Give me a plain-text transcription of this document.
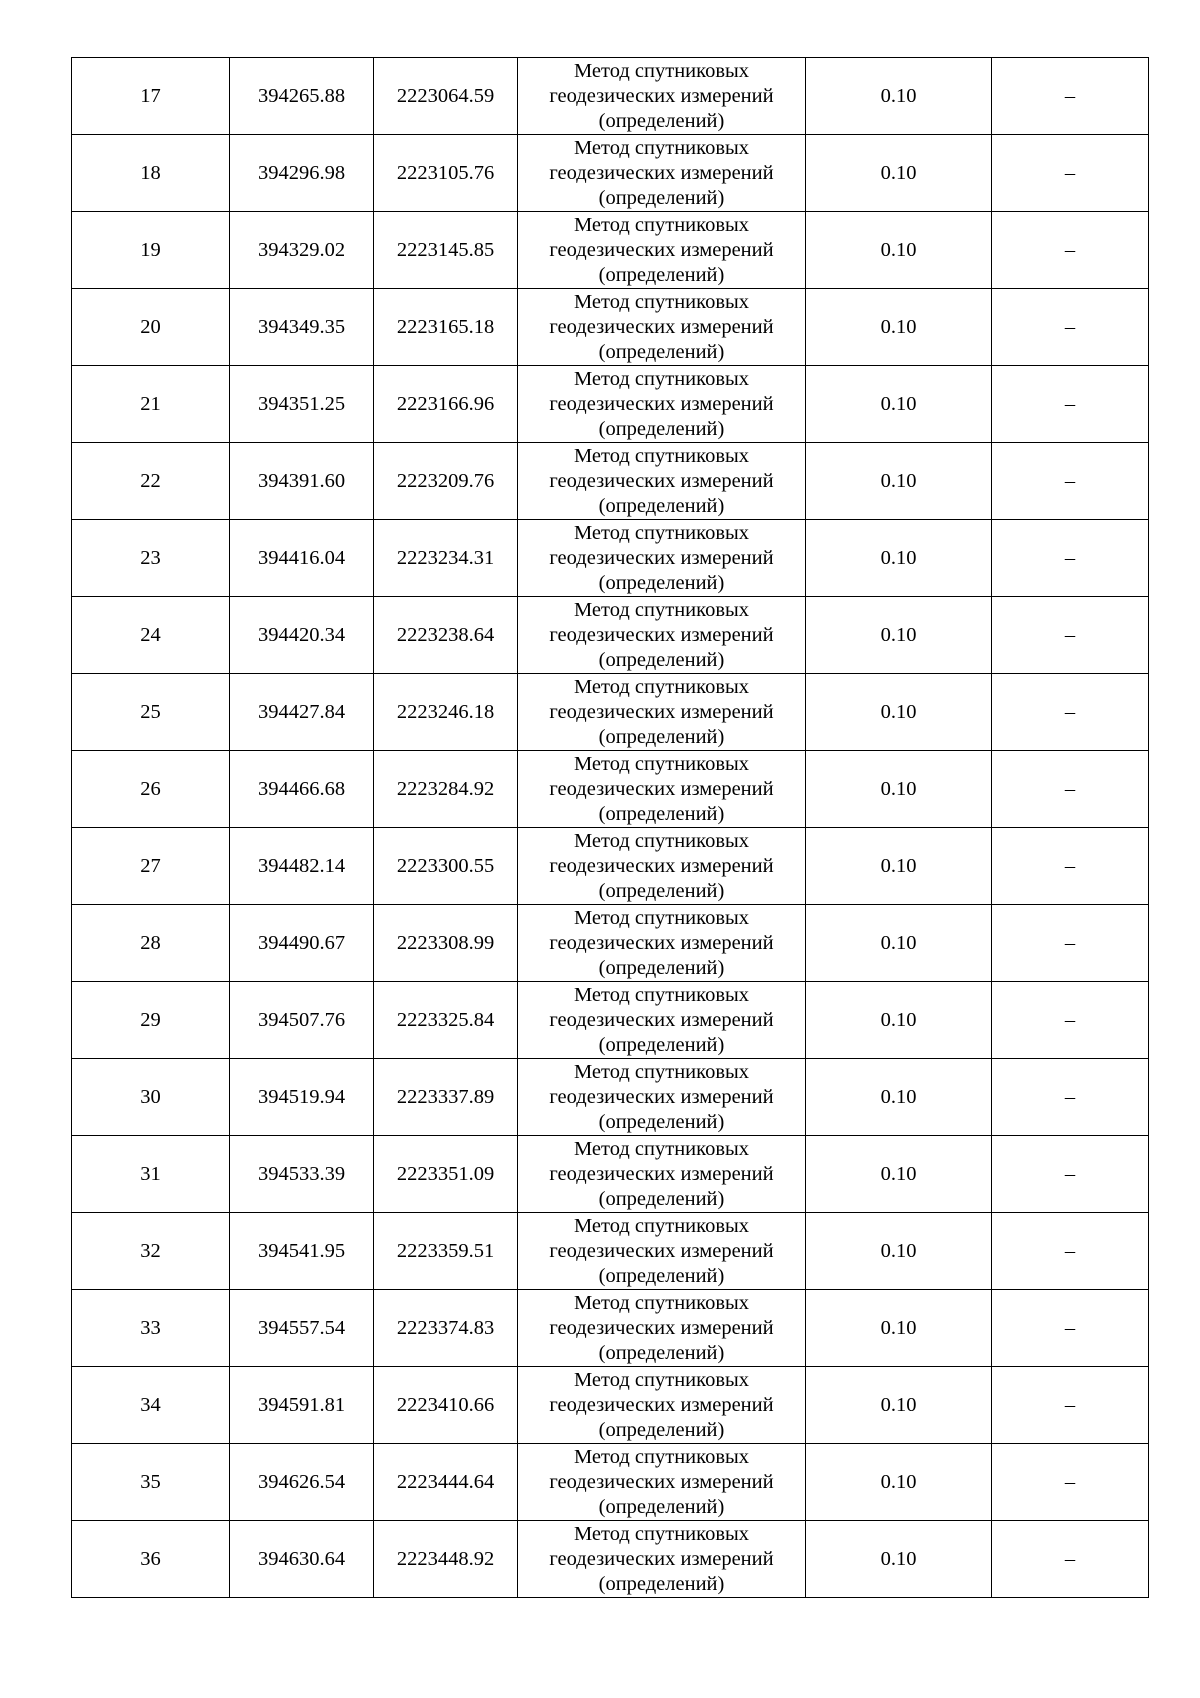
17	394265.88	2223064.59	Метод спутниковых
геодезических измерений
(определений)	0.10	–
18	394296.98	2223105.76	Метод спутниковых
геодезических измерений
(определений)	0.10	–
19	394329.02	2223145.85	Метод спутниковых
геодезических измерений
(определений)	0.10	–
20	394349.35	2223165.18	Метод спутниковых
геодезических измерений
(определений)	0.10	–
21	394351.25	2223166.96	Метод спутниковых
геодезических измерений
(определений)	0.10	–
22	394391.60	2223209.76	Метод спутниковых
геодезических измерений
(определений)	0.10	–
23	394416.04	2223234.31	Метод спутниковых
геодезических измерений
(определений)	0.10	–
24	394420.34	2223238.64	Метод спутниковых
геодезических измерений
(определений)	0.10	–
25	394427.84	2223246.18	Метод спутниковых
геодезических измерений
(определений)	0.10	–
26	394466.68	2223284.92	Метод спутниковых
геодезических измерений
(определений)	0.10	–
27	394482.14	2223300.55	Метод спутниковых
геодезических измерений
(определений)	0.10	–
28	394490.67	2223308.99	Метод спутниковых
геодезических измерений
(определений)	0.10	–
29	394507.76	2223325.84	Метод спутниковых
геодезических измерений
(определений)	0.10	–
30	394519.94	2223337.89	Метод спутниковых
геодезических измерений
(определений)	0.10	–
31	394533.39	2223351.09	Метод спутниковых
геодезических измерений
(определений)	0.10	–
32	394541.95	2223359.51	Метод спутниковых
геодезических измерений
(определений)	0.10	–
33	394557.54	2223374.83	Метод спутниковых
геодезических измерений
(определений)	0.10	–
34	394591.81	2223410.66	Метод спутниковых
геодезических измерений
(определений)	0.10	–
35	394626.54	2223444.64	Метод спутниковых
геодезических измерений
(определений)	0.10	–
36	394630.64	2223448.92	Метод спутниковых
геодезических измерений
(определений)	0.10	–
